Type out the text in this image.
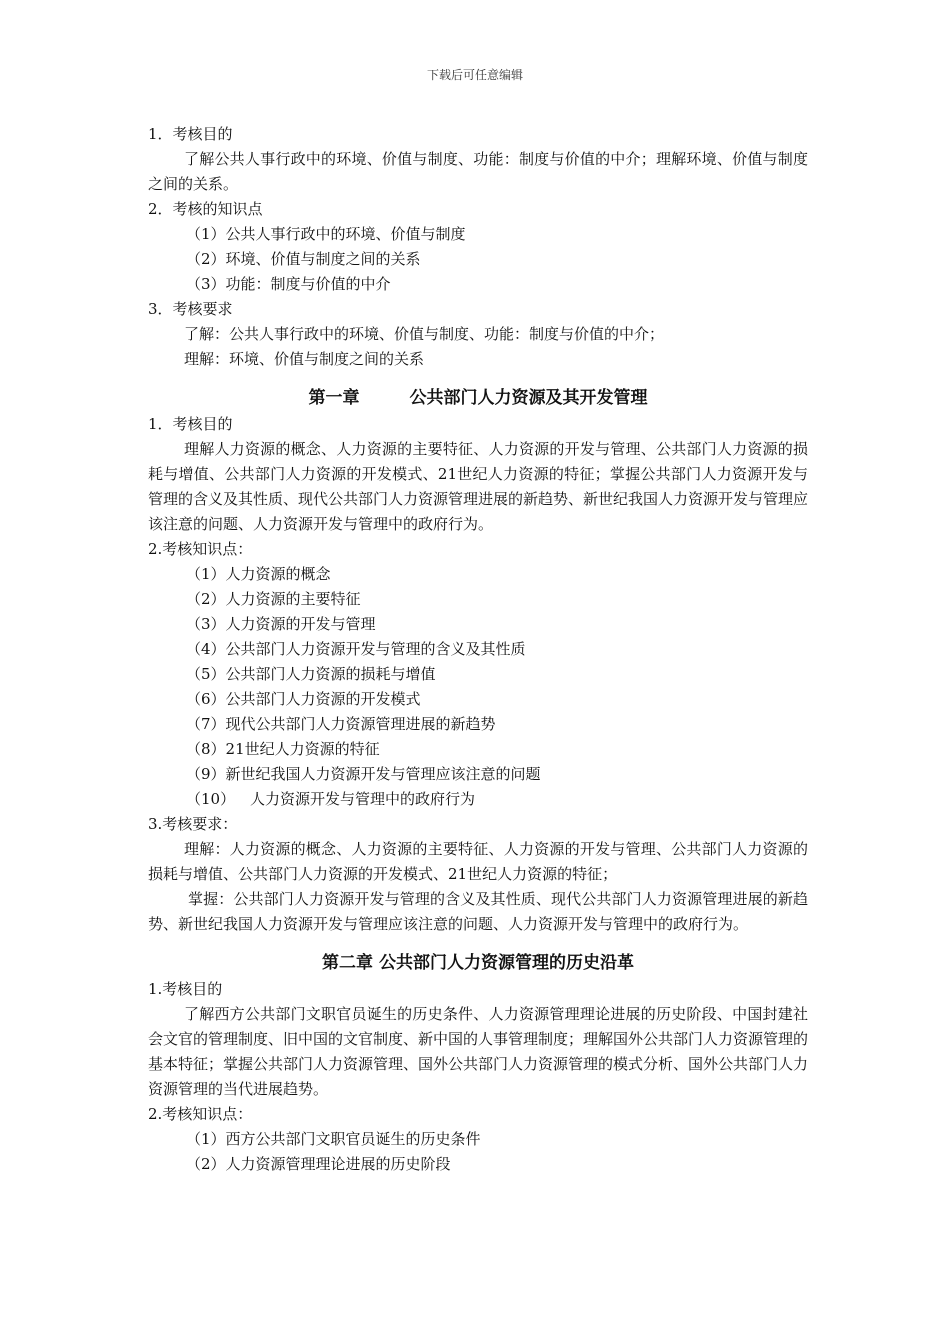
下载后可任意编辑
1．考核目的
了解公共人事行政中的环境、价值与制度、功能：制度与价值的中介；理解环境、价值与制度之间的关系。
2．考核的知识点
（1）公共人事行政中的环境、价值与制度
（2）环境、价值与制度之间的关系
（3）功能：制度与价值的中介
3．考核要求
了解：公共人事行政中的环境、价值与制度、功能：制度与价值的中介；
理解：环境、价值与制度之间的关系
第一章	公共部门人力资源及其开发管理
1．考核目的
理解人力资源的概念、人力资源的主要特征、人力资源的开发与管理、公共部门人力资源的损耗与增值、公共部门人力资源的开发模式、21世纪人力资源的特征；掌握公共部门人力资源开发与管理的含义及其性质、现代公共部门人力资源管理进展的新趋势、新世纪我国人力资源开发与管理应该注意的问题、人力资源开发与管理中的政府行为。
2.考核知识点：
（1）人力资源的概念
（2）人力资源的主要特征
（3）人力资源的开发与管理
（4）公共部门人力资源开发与管理的含义及其性质
（5）公共部门人力资源的损耗与增值
（6）公共部门人力资源的开发模式
（7）现代公共部门人力资源管理进展的新趋势
（8）21世纪人力资源的特征
（9）新世纪我国人力资源开发与管理应该注意的问题
（10） 人力资源开发与管理中的政府行为
3.考核要求：
理解：人力资源的概念、人力资源的主要特征、人力资源的开发与管理、公共部门人力资源的损耗与增值、公共部门人力资源的开发模式、21世纪人力资源的特征；
掌握：公共部门人力资源开发与管理的含义及其性质、现代公共部门人力资源管理进展的新趋势、新世纪我国人力资源开发与管理应该注意的问题、人力资源开发与管理中的政府行为。
第二章 公共部门人力资源管理的历史沿革
1.考核目的
了解西方公共部门文职官员诞生的历史条件、人力资源管理理论进展的历史阶段、中国封建社会文官的管理制度、旧中国的文官制度、新中国的人事管理制度；理解国外公共部门人力资源管理的基本特征；掌握公共部门人力资源管理、国外公共部门人力资源管理的模式分析、国外公共部门人力资源管理的当代进展趋势。
2.考核知识点：
（1）西方公共部门文职官员诞生的历史条件
（2）人力资源管理理论进展的历史阶段
